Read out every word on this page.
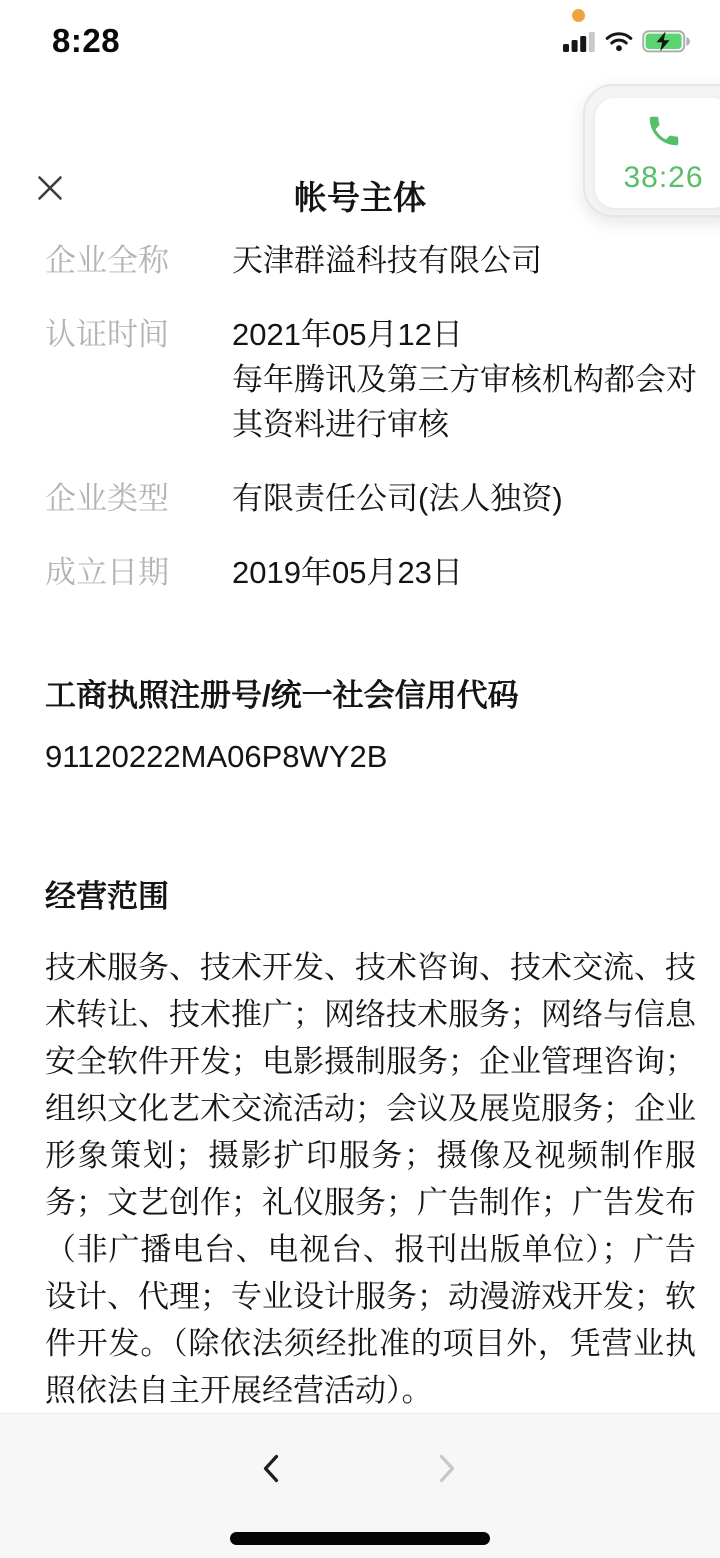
8:28
帐号主体
38:26
企业全称	天津群溢科技有限公司
认证时间	2021年05月12日
每年腾讯及第三方审核机构都会对其资料进行审核
企业类型	有限责任公司(法人独资)
成立日期	2019年05月23日
工商执照注册号/统一社会信用代码
91120222MA06P8WY2B
经营范围
技术服务、技术开发、技术咨询、技术交流、技术转让、技术推广；网络技术服务；网络与信息安全软件开发；电影摄制服务；企业管理咨询；组织文化艺术交流活动；会议及展览服务；企业形象策划；摄影扩印服务；摄像及视频制作服务；文艺创作；礼仪服务；广告制作；广告发布（非广播电台、电视台、报刊出版单位）；广告设计、代理；专业设计服务；动漫游戏开发；软件开发。（除依法须经批准的项目外，凭营业执照依法自主开展经营活动）。
